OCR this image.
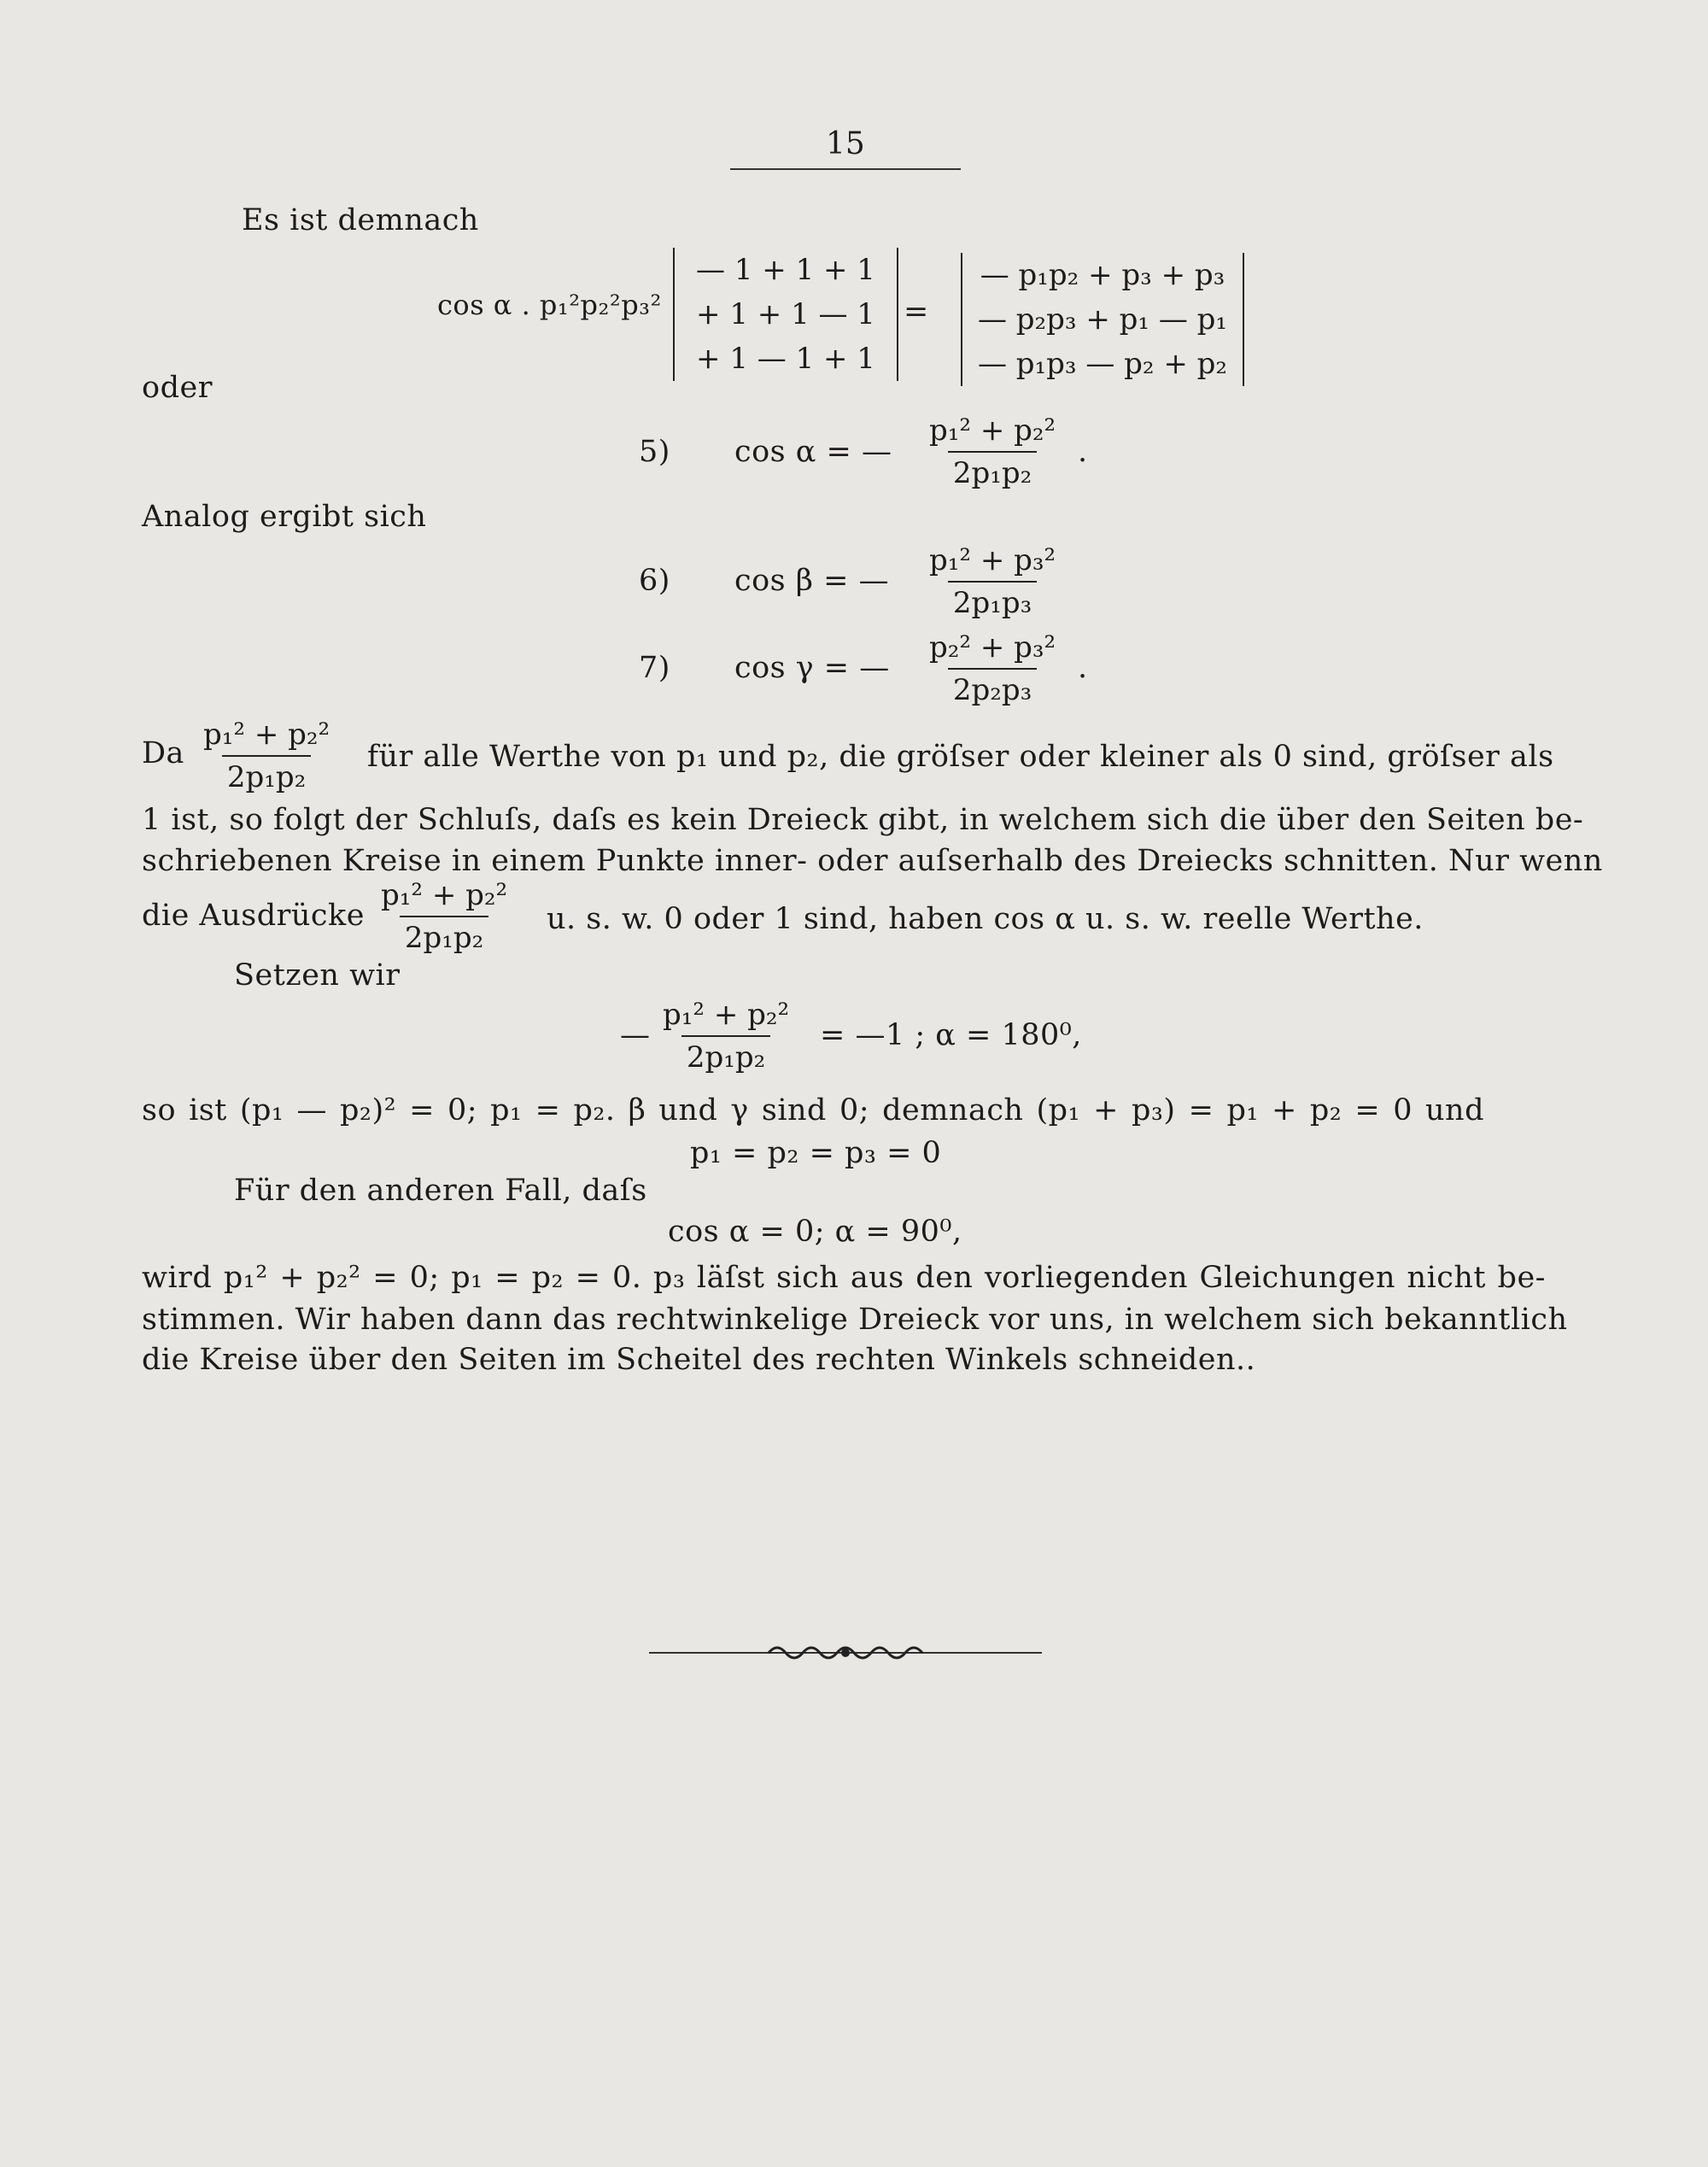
15
Es ist demnach
cos α . p₁²p₂²p₃²
— 1 + 1 + 1
+ 1 + 1 — 1
+ 1 — 1 + 1
=
— p₁p₂ + p₃ + p₃
— p₂p₃ + p₁ — p₁
— p₁p₃ — p₂ + p₂
oder
5) cos α = — $\frac{\text{p₁² + p₂²}}{\text{2p₁p₂}}$ .
Analog ergibt sich
6) cos β = — $\frac{\text{p₁² + p₃²}}{\text{2p₁p₃}}$
7) cos γ = — $\frac{\text{p₂² + p₃²}}{\text{2p₂p₃}}$ .
Da $\frac{\text{p₁² + p₂²}}{\text{2p₁p₂}}$ für alle Werthe von p₁ und p₂, die gröſser oder kleiner als 0 sind, gröſser als
1 ist, so folgt der Schluſs, daſs es kein Dreieck gibt, in welchem sich die über den Seiten be-
schriebenen Kreise in einem Punkte inner- oder auſserhalb des Dreiecks schnitten. Nur wenn
die Ausdrücke $\frac{\text{p₁² + p₂²}}{\text{2p₁p₂}} u$. s. w. 0 oder 1 sind, haben cos α u. s. w. reelle Werthe.
Setzen wir
— $\frac{\text{p₁² + p₂²}}{\text{2p₁p₂}}$ = —1 ; α = 180⁰,
so ist (p₁ — p₂)² = 0; p₁ = p₂. β und γ sind 0; demnach (p₁ + p₃) = p₁ + p₂ = 0 und
p₁ = p₂ = p₃ = 0
Für den anderen Fall, daſs
cos α = 0; α = 90⁰,
wird p₁² + p₂² = 0; p₁ = p₂ = 0. p₃ läſst sich aus den vorliegenden Gleichungen nicht be-
stimmen. Wir haben dann das rechtwinkelige Dreieck vor uns, in welchem sich bekanntlich
die Kreise über den Seiten im Scheitel des rechten Winkels schneiden..
